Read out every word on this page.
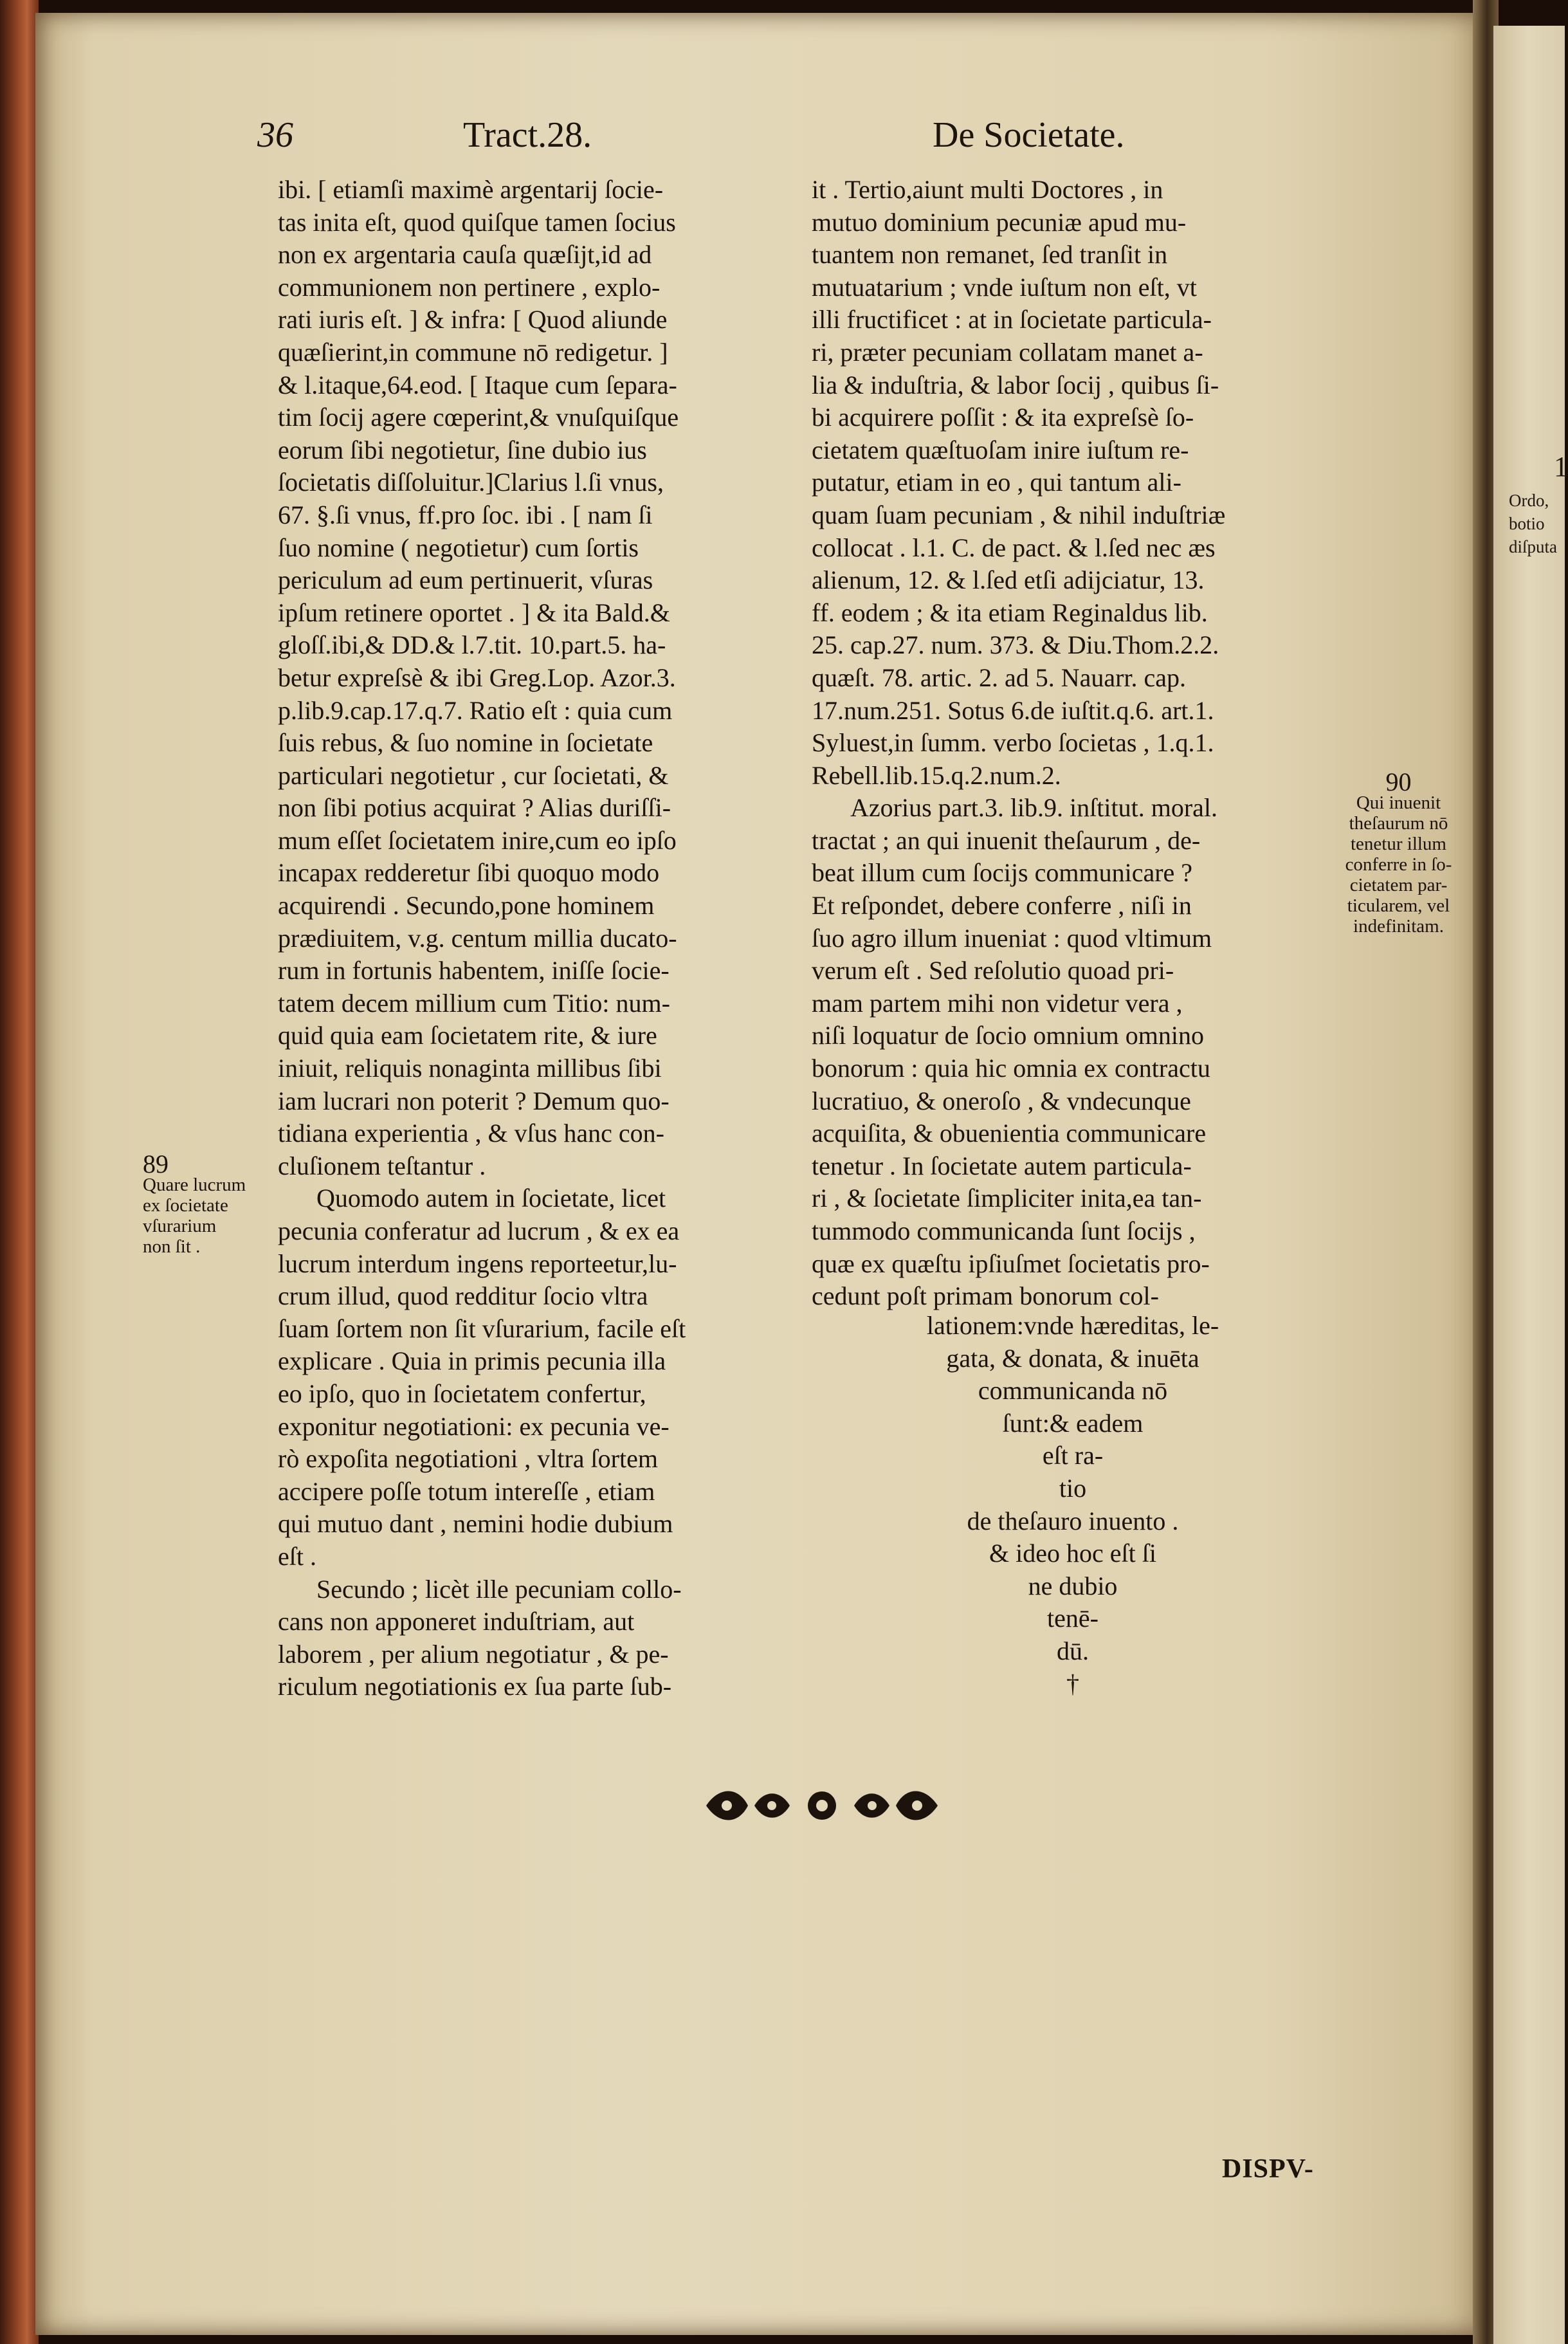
1
Ordo,
botio
diſputa
36	Tract.28.	De Societate.
ibi. [ etiamſi maximè argentarij ſocie-
tas inita eſt, quod quiſque tamen ſocius
non ex argentaria cauſa quæſijt,id ad
communionem non pertinere , explo-
rati iuris eſt. ] & infra: [ Quod aliunde
quæſierint,in commune nō redigetur. ]
& l.itaque,64.eod. [ Itaque cum ſepara-
tim ſocij agere cœperint,& vnuſquiſque
eorum ſibi negotietur, ſine dubio ius
ſocietatis diſſoluitur.]Clarius l.ſi vnus,
67. §.ſi vnus, ff.pro ſoc. ibi . [ nam ſi
ſuo nomine ( negotietur) cum ſortis
periculum ad eum pertinuerit, vſuras
ipſum retinere oportet . ] & ita Bald.&
gloſſ.ibi,& DD.& l.7.tit. 10.part.5. ha-
betur expreſsè & ibi Greg.Lop. Azor.3.
p.lib.9.cap.17.q.7. Ratio eſt : quia cum
ſuis rebus, & ſuo nomine in ſocietate
particulari negotietur , cur ſocietati, &
non ſibi potius acquirat ? Alias duriſſi-
mum eſſet ſocietatem inire,cum eo ipſo
incapax redderetur ſibi quoquo modo
acquirendi . Secundo,pone hominem
prædiuitem, v.g. centum millia ducato-
rum in fortunis habentem, iniſſe ſocie-
tatem decem millium cum Titio: num-
quid quia eam ſocietatem rite, & iure
iniuit, reliquis nonaginta millibus ſibi
iam lucrari non poterit ? Demum quo-
tidiana experientia , & vſus hanc con-
cluſionem teſtantur .
Quomodo autem in ſocietate, licet
pecunia conferatur ad lucrum , & ex ea
lucrum interdum ingens reporteetur,lu-
crum illud, quod redditur ſocio vltra
ſuam ſortem non ſit vſurarium, facile eſt
explicare . Quia in primis pecunia illa
eo ipſo, quo in ſocietatem confertur,
exponitur negotiationi: ex pecunia ve-
rò expoſita negotiationi , vltra ſortem
accipere poſſe totum intereſſe , etiam
qui mutuo dant , nemini hodie dubium
eſt .
Secundo ; licèt ille pecuniam collo-
cans non apponeret induſtriam, aut
laborem , per alium negotiatur , & pe-
riculum negotiationis ex ſua parte ſub-
it . Tertio,aiunt multi Doctores , in
mutuo dominium pecuniæ apud mu-
tuantem non remanet, ſed tranſit in
mutuatarium ; vnde iuſtum non eſt, vt
illi fructificet : at in ſocietate particula-
ri, præter pecuniam collatam manet a-
lia & induſtria, & labor ſocij , quibus ſi-
bi acquirere poſſit : & ita expreſsè ſo-
cietatem quæſtuoſam inire iuſtum re-
putatur, etiam in eo , qui tantum ali-
quam ſuam pecuniam , & nihil induſtriæ
collocat . l.1. C. de pact. & l.ſed nec æs
alienum, 12. & l.ſed etſi adijciatur, 13.
ff. eodem ; & ita etiam Reginaldus lib.
25. cap.27. num. 373. & Diu.Thom.2.2.
quæſt. 78. artic. 2. ad 5. Nauarr. cap.
17.num.251. Sotus 6.de iuſtit.q.6. art.1.
Syluest,in ſumm. verbo ſocietas , 1.q.1.
Rebell.lib.15.q.2.num.2.
Azorius part.3. lib.9. inſtitut. moral.
tractat ; an qui inuenit theſaurum , de-
beat illum cum ſocijs communicare ?
Et reſpondet, debere conferre , niſi in
ſuo agro illum inueniat : quod vltimum
verum eſt . Sed reſolutio quoad pri-
mam partem mihi non videtur vera ,
niſi loquatur de ſocio omnium omnino
bonorum : quia hic omnia ex contractu
lucratiuo, & oneroſo , & vndecunque
acquiſita, & obuenientia communicare
tenetur . In ſocietate autem particula-
ri , & ſocietate ſimpliciter inita,ea tan-
tummodo communicanda ſunt ſocijs ,
quæ ex quæſtu ipſiuſmet ſocietatis pro-
cedunt poſt primam bonorum col-
lationem:vnde hæreditas, le-
gata, & donata, & inuēta
communicanda nō
ſunt:& eadem
eſt ra-
tio
de theſauro inuento .
& ideo hoc eſt ſi
ne dubio
tenē-
dū.
†
89
Quare lucrum
ex ſocietate
vſurarium
non ſit .
90
Qui inuenit
theſaurum nō
tenetur illum
conferre in ſo-
cietatem par-
ticularem, vel
indefinitam.
DISPV-
